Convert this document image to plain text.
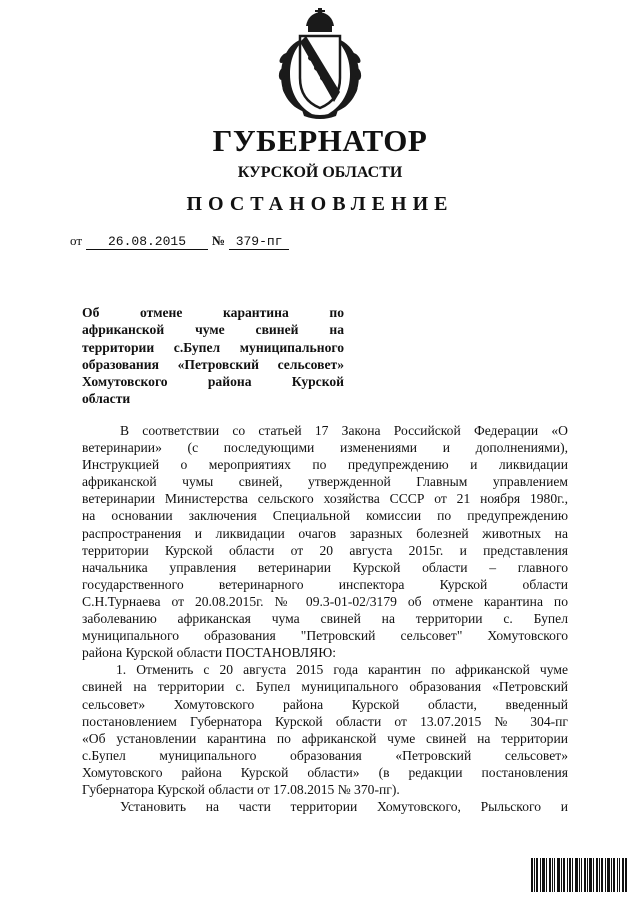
ГУБЕРНАТОР
КУРСКОЙ ОБЛАСТИ
ПОСТАНОВЛЕНИЕ
от 26.08.2015 № 379-пг
Об отмене карантина по
африканской чуме свиней на
территории с.Бупел муниципального
образования «Петровский сельсовет»
Хомутовского района Курской
области
В соответствии со статьей 17 Закона Российской Федерации «О
ветеринарии» (с последующими изменениями и дополнениями),
Инструкцией о мероприятиях по предупреждению и ликвидации
африканской чумы свиней, утвержденной Главным управлением
ветеринарии Министерства сельского хозяйства СССР от 21 ноября 1980г.,
на основании заключения Специальной комиссии по предупреждению
распространения и ликвидации очагов заразных болезней животных на
территории Курской области от 20 августа 2015г. и представления
начальника управления ветеринарии Курской области – главного
государственного ветеринарного инспектора Курской области
С.Н.Турнаева от 20.08.2015г. № 09.3-01-02/3179 об отмене карантина по
заболеванию африканская чума свиней на территории с. Бупел
муниципального образования "Петровский сельсовет" Хомутовского
района Курской области ПОСТАНОВЛЯЮ:
1. Отменить с 20 августа 2015 года карантин по африканской чуме
свиней на территории с. Бупел муниципального образования «Петровский
сельсовет» Хомутовского района Курской области, введенный
постановлением Губернатора Курской области от 13.07.2015 № 304-пг
«Об установлении карантина по африканской чуме свиней на территории
с.Бупел муниципального образования «Петровский сельсовет»
Хомутовского района Курской области» (в редакции постановления
Губернатора Курской области от 17.08.2015 № 370-пг).
Установить на части территории Хомутовского, Рыльского и
